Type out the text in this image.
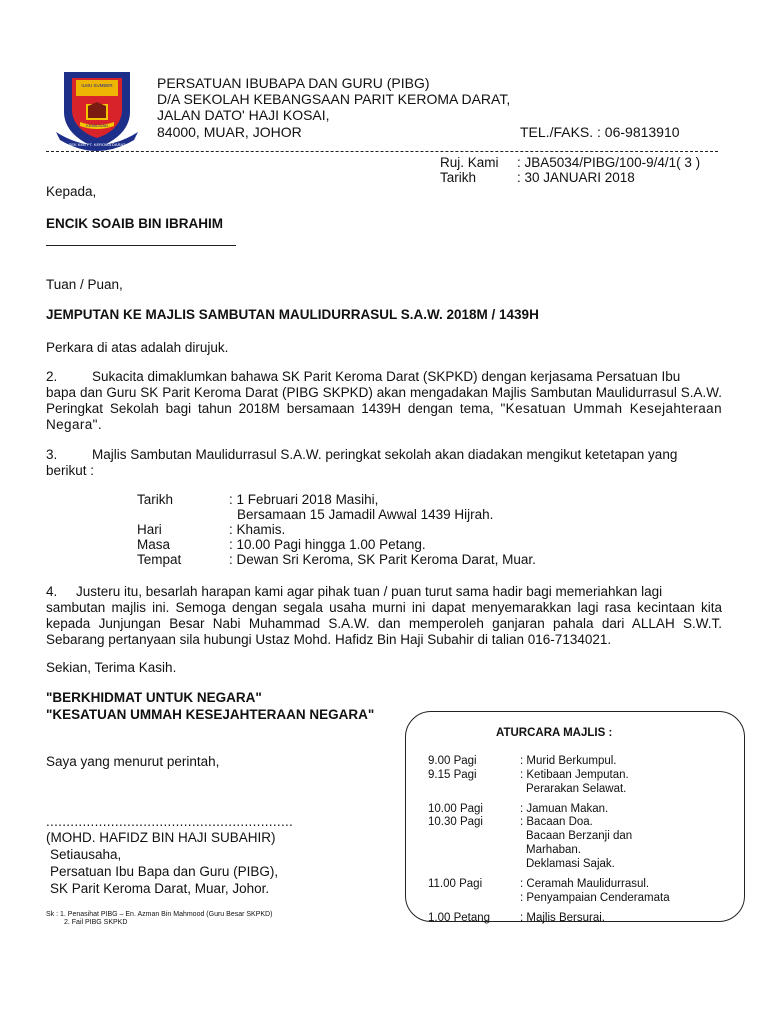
ILMU SUMBER
KEMAJUAN
SEK KEB PT. KEROMA DARAT
PERSATUAN IBUBAPA DAN GURU (PIBG)
D/A SEKOLAH KEBANGSAAN PARIT KEROMA DARAT,
JALAN DATO' HAJI KOSAI,
84000, MUAR, JOHOR	TEL./FAKS. : 06-9813910
Ruj. Kami : JBA5034/PIBG/100-9/4/1( 3 )
Tarikh	: 30 JANUARI 2018
Kepada,
ENCIK SOAIB BIN IBRAHIM
Tuan / Puan,
JEMPUTAN KE MAJLIS SAMBUTAN MAULIDURRASUL S.A.W. 2018M / 1439H
Perkara di atas adalah dirujuk.
2.	Sukacita dimaklumkan bahawa SK Parit Keroma Darat (SKPKD) dengan kerjasama Persatuan Ibu
bapa dan Guru SK Parit Keroma Darat (PIBG SKPKD) akan mengadakan Majlis Sambutan Maulidurrasul S.A.W. Peringkat Sekolah bagi tahun 2018M bersamaan 1439H dengan tema, "Kesatuan Ummah Kesejahteraan Negara".
3.	Majlis Sambutan Maulidurrasul S.A.W. peringkat sekolah akan diadakan mengikut ketetapan yang
berikut :
Tarikh	: 1 Februari 2018 Masihi,
Bersamaan 15 Jamadil Awwal 1439 Hijrah.
Hari	: Khamis.
Masa	: 10.00 Pagi hingga 1.00 Petang.
Tempat	: Dewan Sri Keroma, SK Parit Keroma Darat, Muar.
4. Justeru itu, besarlah harapan kami agar pihak tuan / puan turut sama hadir bagi memeriahkan lagi
sambutan majlis ini. Semoga dengan segala usaha murni ini dapat menyemarakkan lagi rasa kecintaan kita kepada Junjungan Besar Nabi Muhammad S.A.W. dan memperoleh ganjaran pahala dari ALLAH S.W.T. Sebarang pertanyaan sila hubungi Ustaz Mohd. Hafidz Bin Haji Subahir di talian 016-7134021.
Sekian, Terima Kasih.
"BERKHIDMAT UNTUK NEGARA"
"KESATUAN UMMAH KESEJAHTERAAN NEGARA"
Saya yang menurut perintah,
.............................................................
(MOHD. HAFIDZ BIN HAJI SUBAHIR)
Setiausaha,
Persatuan Ibu Bapa dan Guru (PIBG),
SK Parit Keroma Darat, Muar, Johor.
Sk : 1. Penasihat PIBG – En. Azman Bin Mahmood (Guru Besar SKPKD)
2. Fail PIBG SKPKD
ATURCARA MAJLIS :
9.00 Pagi	: Murid Berkumpul.
9.15 Pagi	: Ketibaan Jemputan.
Perarakan Selawat.
10.00 Pagi	: Jamuan Makan.
10.30 Pagi	: Bacaan Doa.
Bacaan Berzanji dan
Marhaban.
Deklamasi Sajak.
11.00 Pagi	: Ceramah Maulidurrasul.
: Penyampaian Cenderamata
1.00 Petang	: Majlis Bersurai.
